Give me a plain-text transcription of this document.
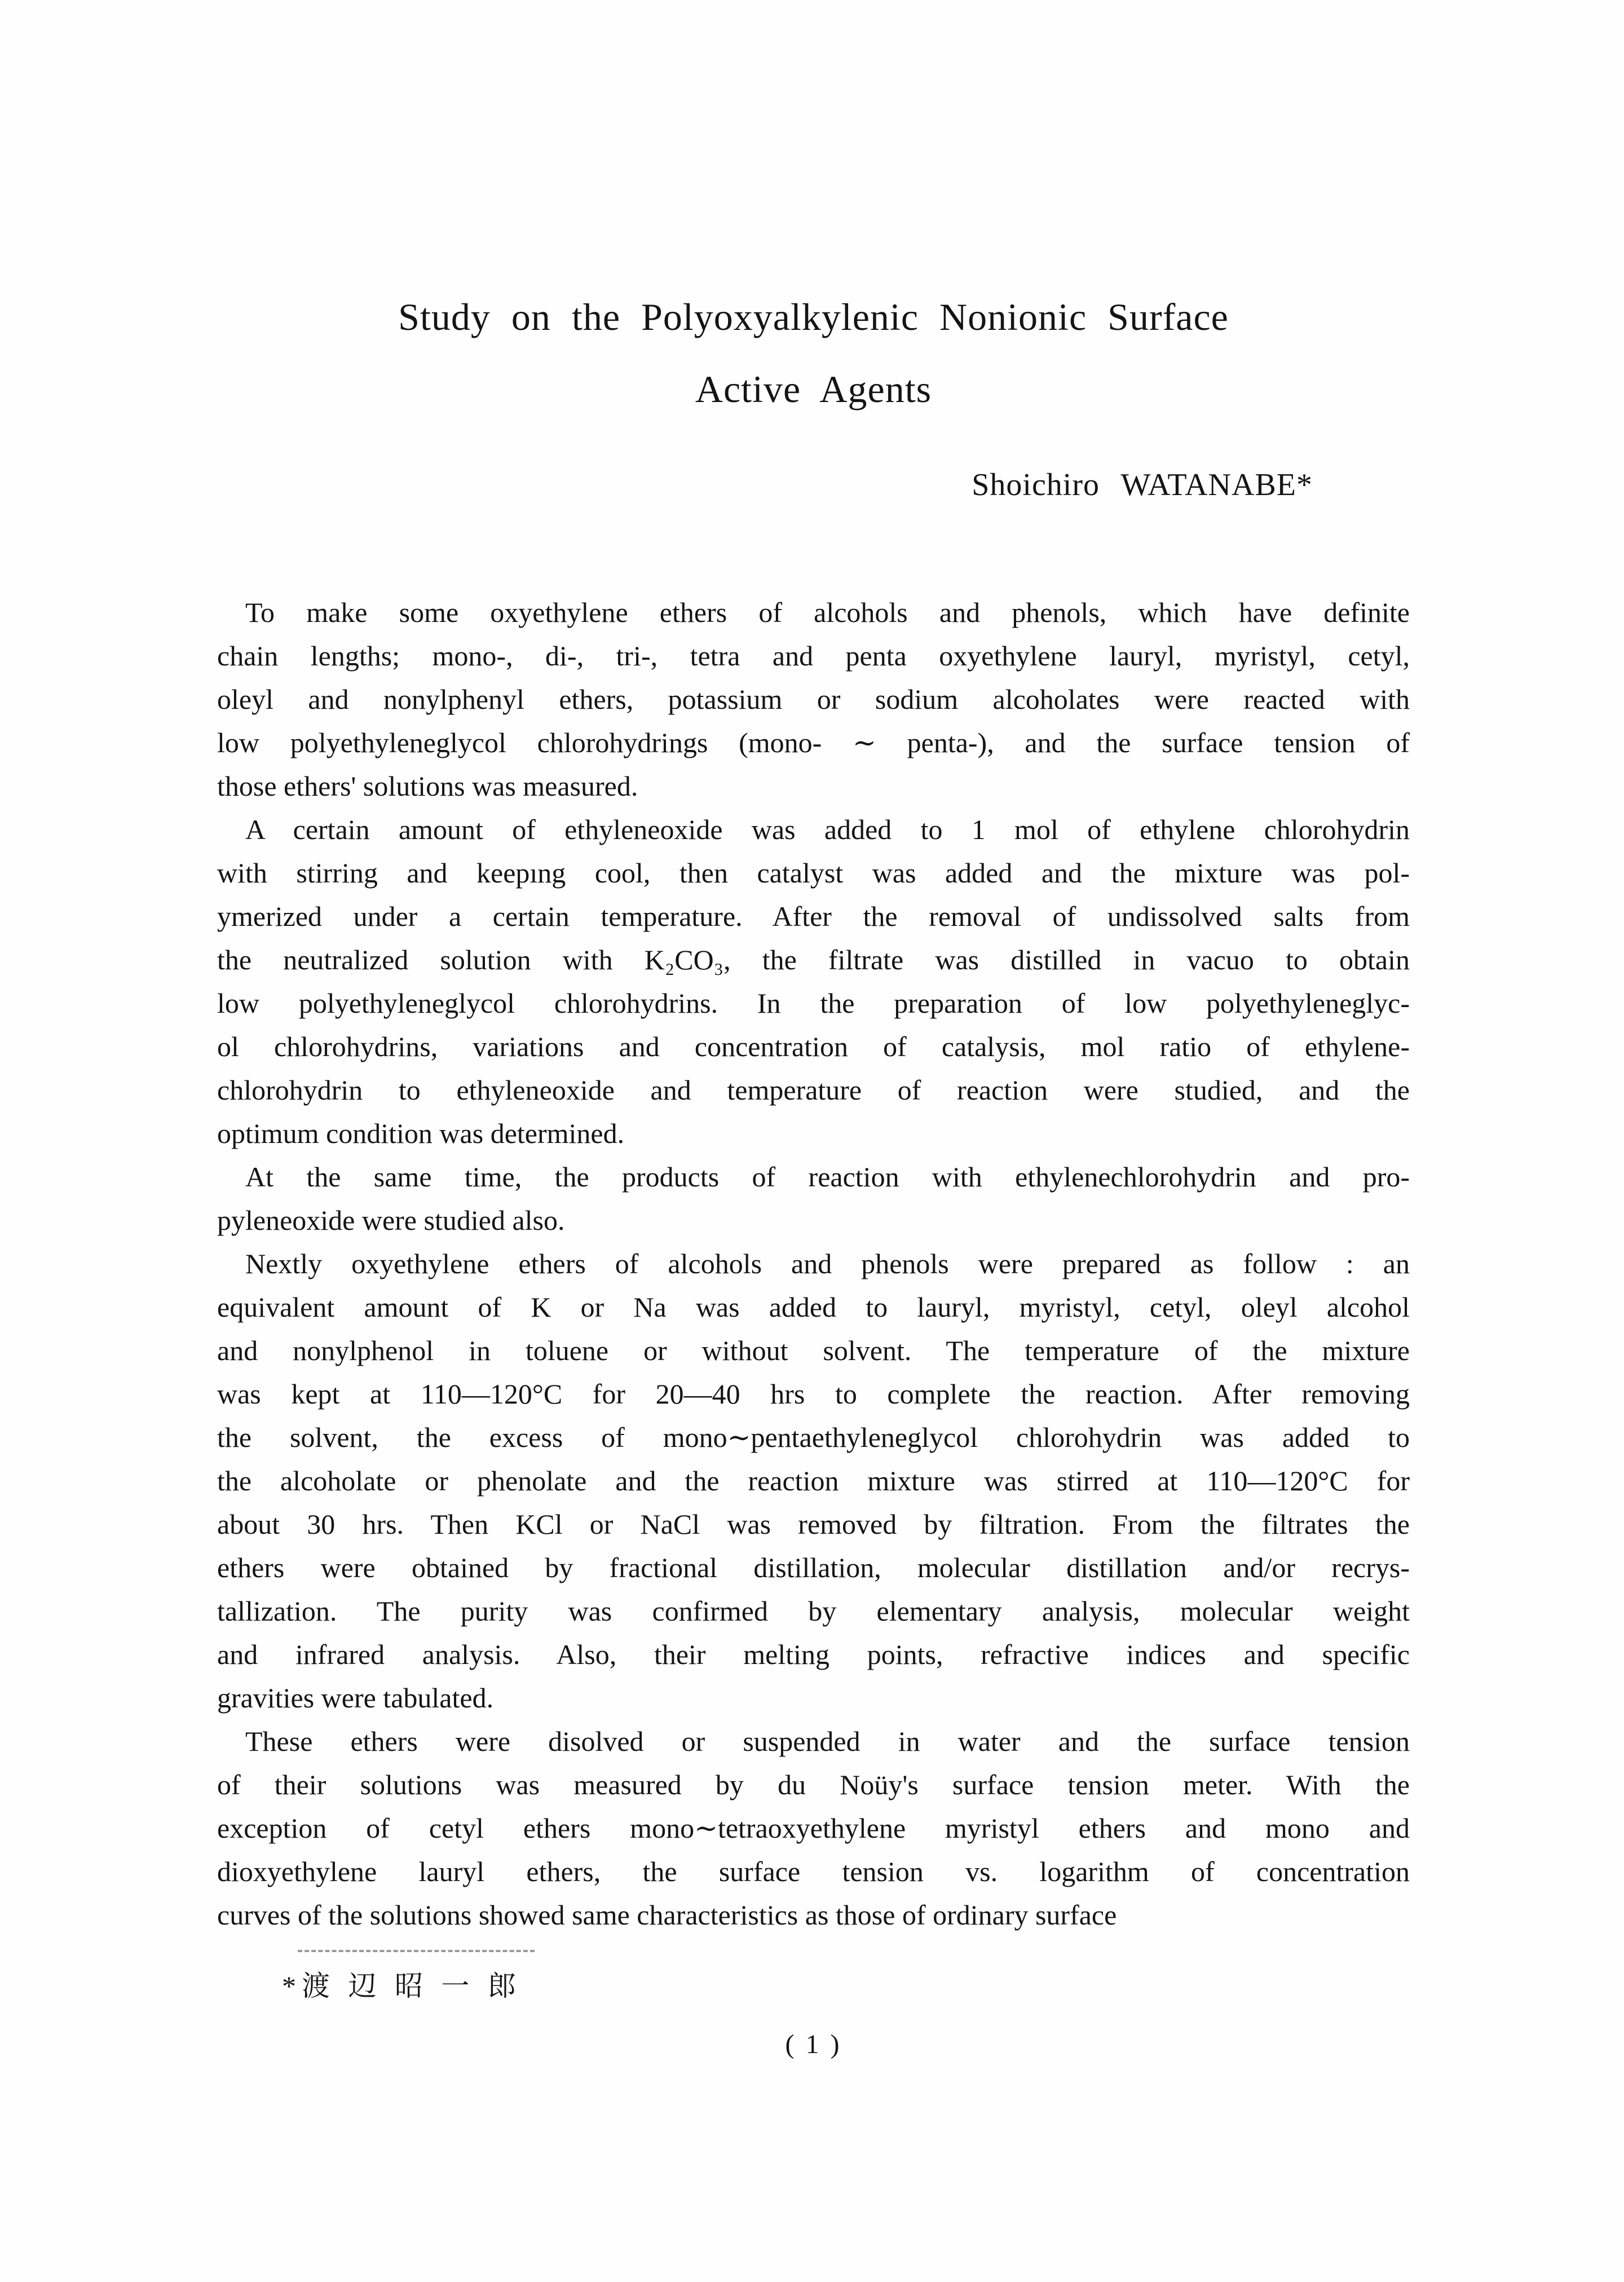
Study on the Polyoxyalkylenic Nonionic Surface
Active Agents
Shoichiro WATANABE*
To make some oxyethylene ethers of alcohols and phenols, which have definite
chain lengths; mono-, di-, tri-, tetra and penta oxyethylene lauryl, myristyl, cetyl,
oleyl and nonylphenyl ethers, potassium or sodium alcoholates were reacted with
low polyethyleneglycol chlorohydrings (mono- ∼ penta-), and the surface tension of
those ethers' solutions was measured.
A certain amount of ethyleneoxide was added to 1 mol of ethylene chlorohydrin
with stirring and keepıng cool, then catalyst was added and the mixture was pol-
ymerized under a certain temperature. After the removal of undissolved salts from
the neutralized solution with K₂CO₃, the filtrate was distilled in vacuo to obtain
low polyethyleneglycol chlorohydrins. In the preparation of low polyethyleneglyc-
ol chlorohydrins, variations and concentration of catalysis, mol ratio of ethylene-
chlorohydrin to ethyleneoxide and temperature of reaction were studied, and the
optimum condition was determined.
At the same time, the products of reaction with ethylenechlorohydrin and pro-
pyleneoxide were studied also.
Nextly oxyethylene ethers of alcohols and phenols were prepared as follow : an
equivalent amount of K or Na was added to lauryl, myristyl, cetyl, oleyl alcohol
and nonylphenol in toluene or without solvent. The temperature of the mixture
was kept at 110—120°C for 20—40 hrs to complete the reaction. After removing
the solvent, the excess of mono∼pentaethyleneglycol chlorohydrin was added to
the alcoholate or phenolate and the reaction mixture was stirred at 110—120°C for
about 30 hrs. Then KCl or NaCl was removed by filtration. From the filtrates the
ethers were obtained by fractional distillation, molecular distillation and/or recrys-
tallization. The purity was confirmed by elementary analysis, molecular weight
and infrared analysis. Also, their melting points, refractive indices and specific
gravities were tabulated.
These ethers were disolved or suspended in water and the surface tension
of their solutions was measured by du Noüy's surface tension meter. With the
exception of cetyl ethers mono∼tetraoxyethylene myristyl ethers and mono and
dioxyethylene lauryl ethers, the surface tension vs. logarithm of concentration
curves of the solutions showed same characteristics as those of ordinary surface
*渡 辺 昭 一 郎
( 1 )
